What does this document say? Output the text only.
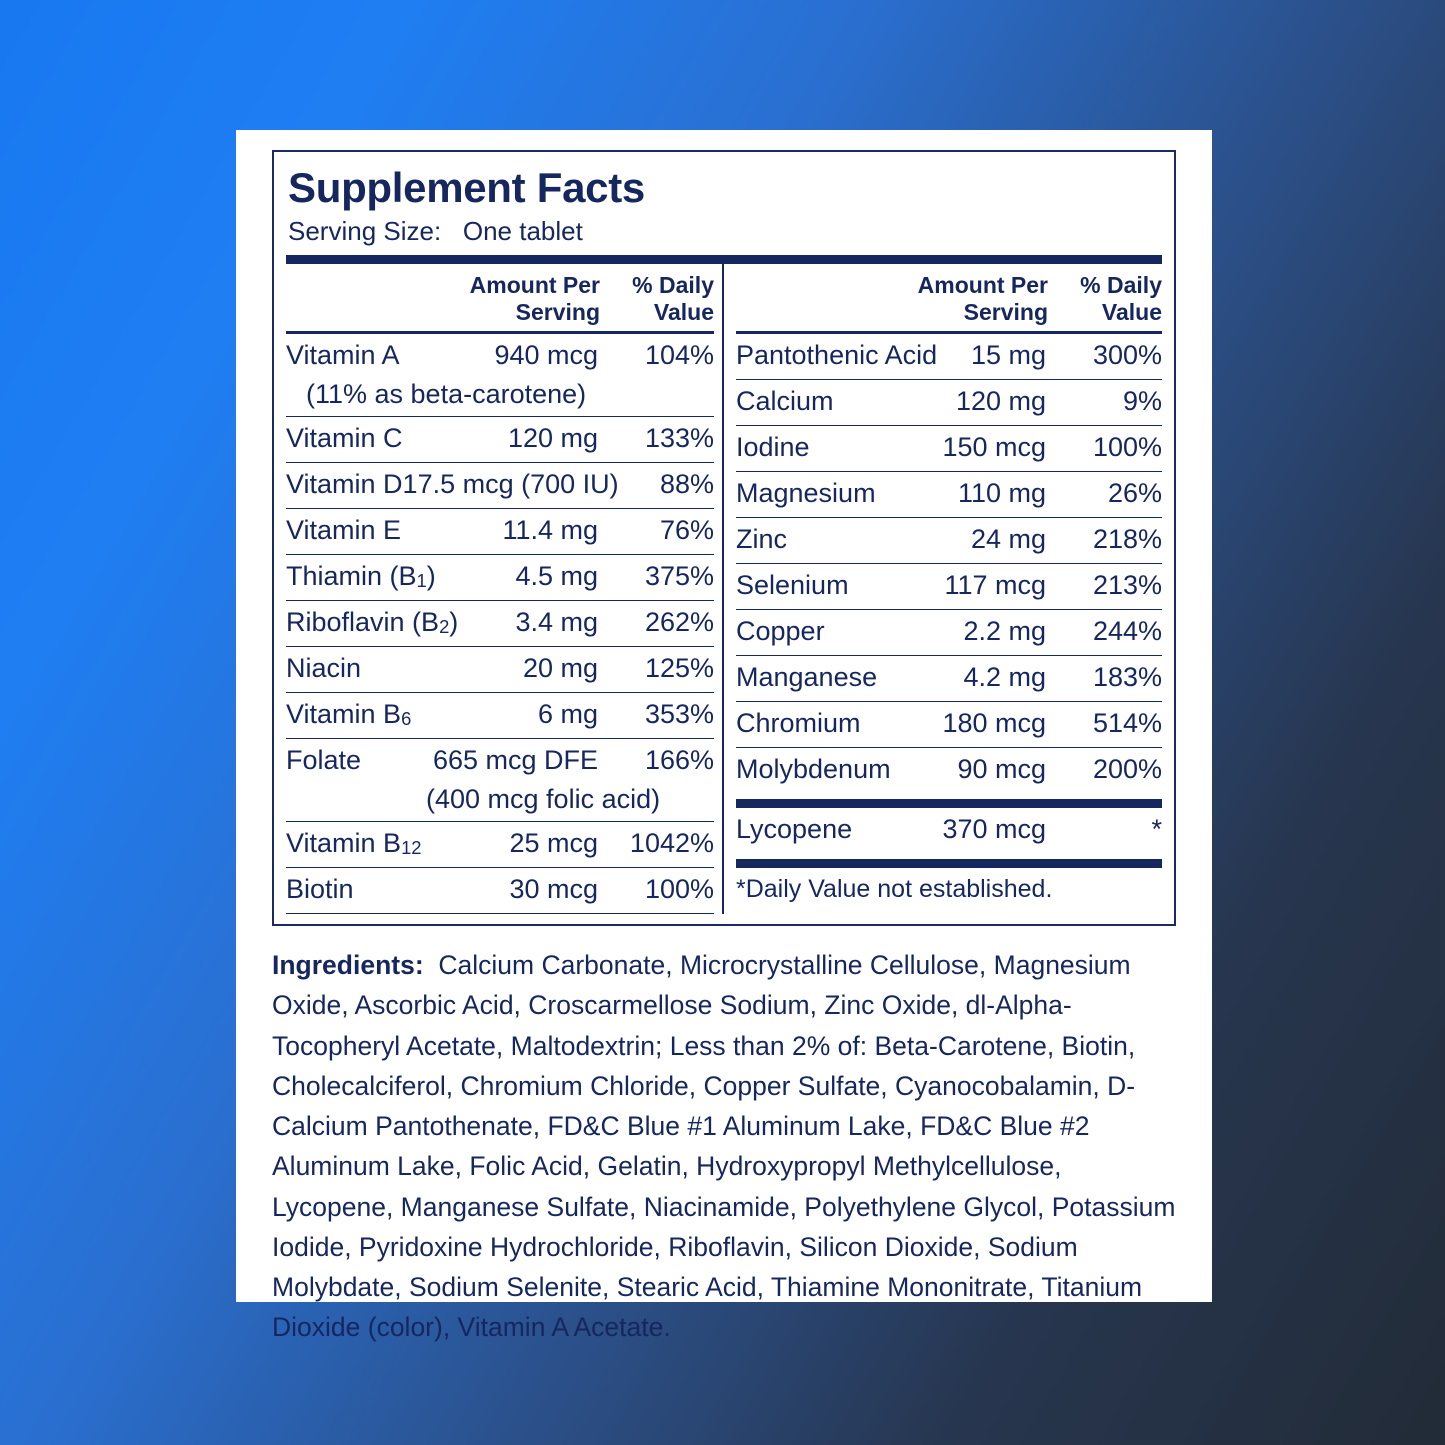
Supplement Facts
Serving Size: One tablet
Amount Per
Serving
% Daily
Value
Vitamin A	940 mcg	104%
(11% as beta-carotene)
Vitamin C	120 mg	133%
Vitamin D 17.5 mcg (700 IU)	88%
Vitamin E	11.4 mg	76%
Thiamin (B1)	4.5 mg	375%
Riboflavin (B2)	3.4 mg	262%
Niacin	20 mg	125%
Vitamin B6	6 mg	353%
Folate	665 mcg DFE	166%
(400 mcg folic acid)
Vitamin B12	25 mcg	1042%
Biotin	30 mcg	100%
Amount Per
Serving
% Daily
Value
Pantothenic Acid	15 mg	300%
Calcium	120 mg	9%
Iodine	150 mcg	100%
Magnesium	110 mg	26%
Zinc	24 mg	218%
Selenium	117 mcg	213%
Copper	2.2 mg	244%
Manganese	4.2 mg	183%
Chromium	180 mcg	514%
Molybdenum	90 mcg	200%
Lycopene	370 mcg	*
*Daily Value not established.
Ingredients: Calcium Carbonate, Microcrystalline Cellulose, Magnesium Oxide, Ascorbic Acid, Croscarmellose Sodium, Zinc Oxide, dl-Alpha-Tocopheryl Acetate, Maltodextrin; Less than 2% of: Beta-Carotene, Biotin, Cholecalciferol, Chromium Chloride, Copper Sulfate, Cyanocobalamin, D-Calcium Pantothenate, FD&C Blue #1 Aluminum Lake, FD&C Blue #2 Aluminum Lake, Folic Acid, Gelatin, Hydroxypropyl Methylcellulose, Lycopene, Manganese Sulfate, Niacinamide, Polyethylene Glycol, Potassium Iodide, Pyridoxine Hydrochloride, Riboflavin, Silicon Dioxide, Sodium Molybdate, Sodium Selenite, Stearic Acid, Thiamine Mononitrate, Titanium Dioxide (color), Vitamin A Acetate.
